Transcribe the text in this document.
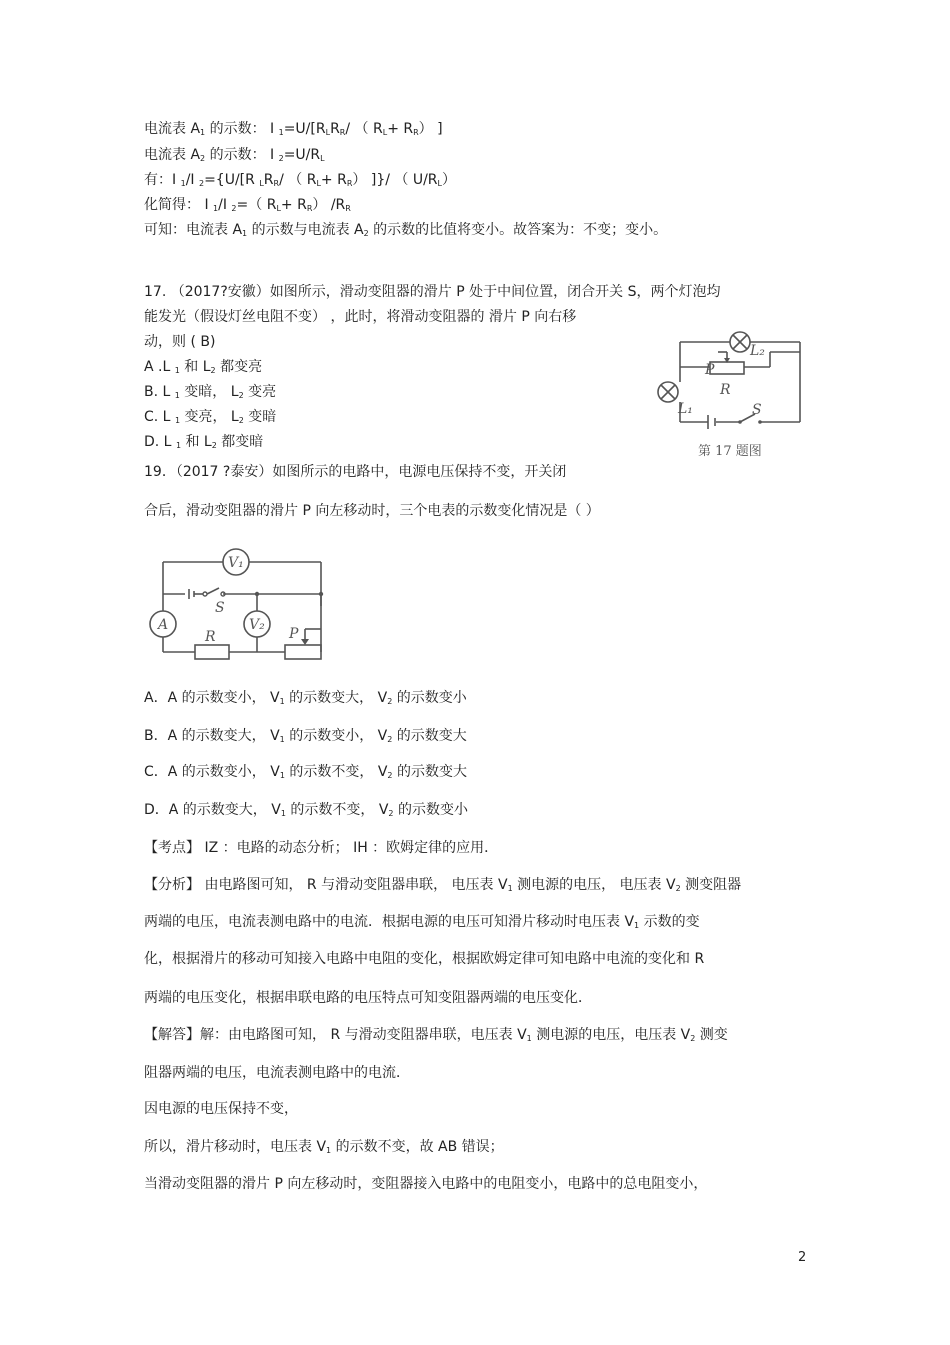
电流表 $A_1$ 的示数： I $_1=U/[R_LR_R/$ （ $R_L+ R_R$） ]
电流表 $A_2$ 的示数： I $_2=U/R_L$
有：I $_1$/I $_2$={U/[R $_LR_R/$ （ $R_L+ R_R$） ]}/ （ $U/R_L$）
化简得： I $_1$/I $_2$=（ $R_L+ R_R$） $/R_R$
可知：电流表 $A_1$ 的示数与电流表 $A_2$ 的示数的比值将变小。故答案为：不变；变小。
17. （2017?安徽）如图所示，滑动变阻器的滑片 P 处于中间位置，闭合开关 S，两个灯泡均
能发光（假设灯丝电阻不变） ，此时，将滑动变阻器的 滑片 P 向右移
动，则 ( B)
A .L $_1$ 和 $L_2$ 都变亮
B. L $_1$ 变暗， $L_2$ 变亮
C. L $_1$ 变亮， $L_2$ 变暗
D. L $_1$ 和 $L_2$ 都变暗
L₂
P
R
L₁	S
第 17 题图
19．（2017 ?泰安）如图所示的电路中，电源电压保持不变，开关闭
合后，滑动变阻器的滑片 P 向左移动时，三个电表的示数变化情况是（ ）
V₁
A	V₂
S
R	P
A．A 的示数变小， $V_1$ 的示数变大， $V_2$ 的示数变小
B．A 的示数变大， $V_1$ 的示数变小， $V_2$ 的示数变大
C．A 的示数变小， $V_1$ 的示数不变， $V_2$ 的示数变大
D．A 的示数变大， $V_1$ 的示数不变， $V_2$ 的示数变小
【考点】 IZ ：电路的动态分析； IH ：欧姆定律的应用．
【分析】 由电路图可知， R 与滑动变阻器串联， 电压表 $V_1$ 测电源的电压， 电压表 $V_2$ 测变阻器
两端的电压，电流表测电路中的电流．根据电源的电压可知滑片移动时电压表 $V_1$ 示数的变
化，根据滑片的移动可知接入电路中电阻的变化，根据欧姆定律可知电路中电流的变化和 R
两端的电压变化，根据串联电路的电压特点可知变阻器两端的电压变化．
【解答】解：由电路图可知， R 与滑动变阻器串联，电压表 $V_1$ 测电源的电压，电压表 $V_2$ 测变
阻器两端的电压，电流表测电路中的电流．
因电源的电压保持不变，
所以，滑片移动时，电压表 $V_1$ 的示数不变，故 AB 错误；
当滑动变阻器的滑片 P 向左移动时，变阻器接入电路中的电阻变小，电路中的总电阻变小，
2
